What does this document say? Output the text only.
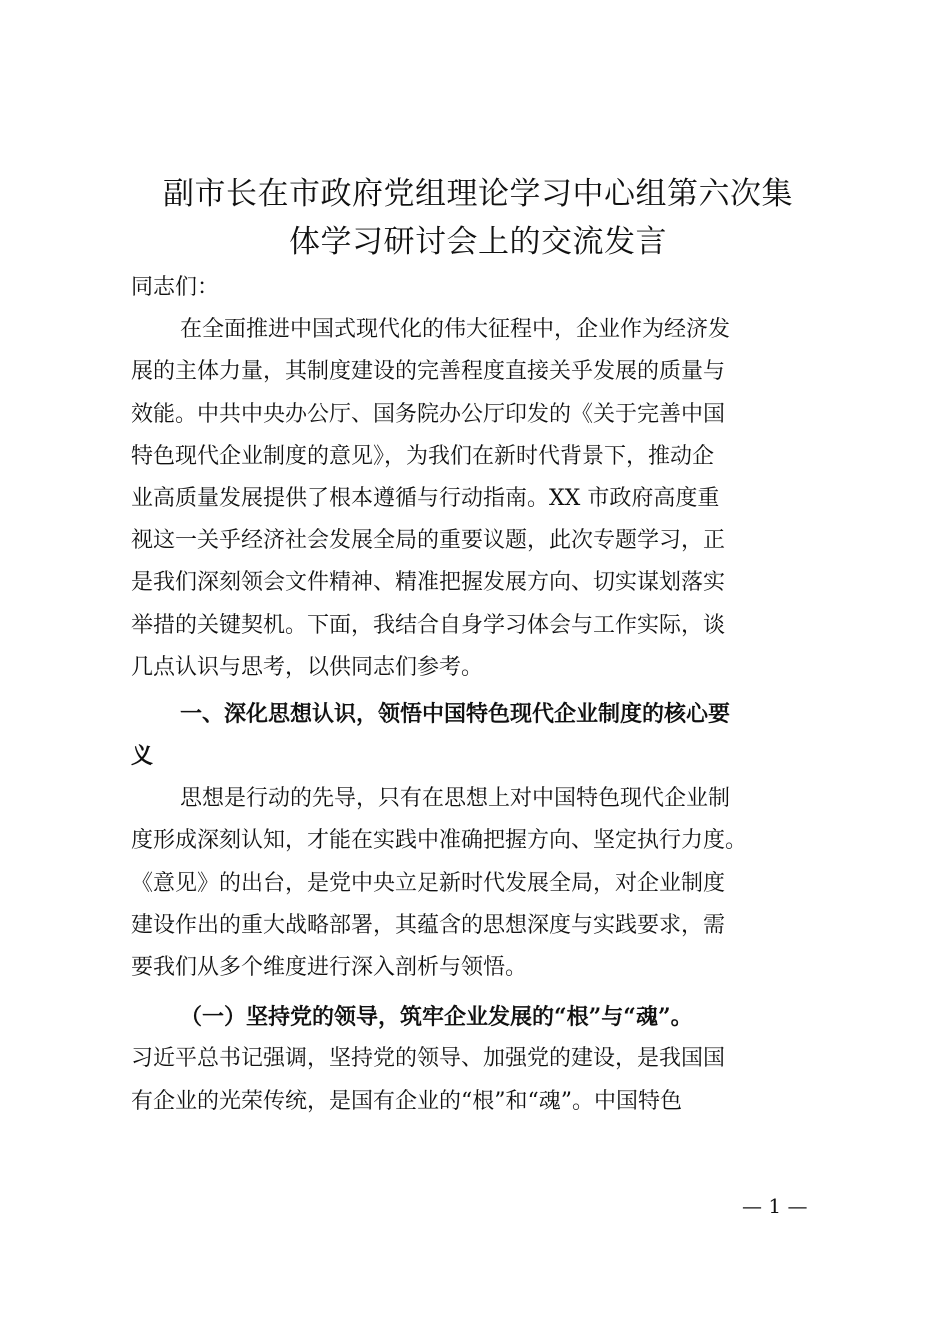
副市长在市政府党组理论学习中心组第六次集
体学习研讨会上的交流发言
同志们：
在全面推进中国式现代化的伟大征程中，企业作为经济发
展的主体力量，其制度建设的完善程度直接关乎发展的质量与
效能。中共中央办公厅、国务院办公厅印发的《关于完善中国
特色现代企业制度的意见》，为我们在新时代背景下，推动企
业高质量发展提供了根本遵循与行动指南。XX 市政府高度重
视这一关乎经济社会发展全局的重要议题，此次专题学习，正
是我们深刻领会文件精神、精准把握发展方向、切实谋划落实
举措的关键契机。下面，我结合自身学习体会与工作实际，谈
几点认识与思考，以供同志们参考。
一、深化思想认识，领悟中国特色现代企业制度的核心要
义
思想是行动的先导，只有在思想上对中国特色现代企业制
度形成深刻认知，才能在实践中准确把握方向、坚定执行力度。
《意见》的出台，是党中央立足新时代发展全局，对企业制度
建设作出的重大战略部署，其蕴含的思想深度与实践要求，需
要我们从多个维度进行深入剖析与领悟。
（一）坚持党的领导，筑牢企业发展的“根”与“魂”。
习近平总书记强调，坚持党的领导、加强党的建设，是我国国
有企业的光荣传统，是国有企业的“根”和“魂”。中国特色
— 1 —
